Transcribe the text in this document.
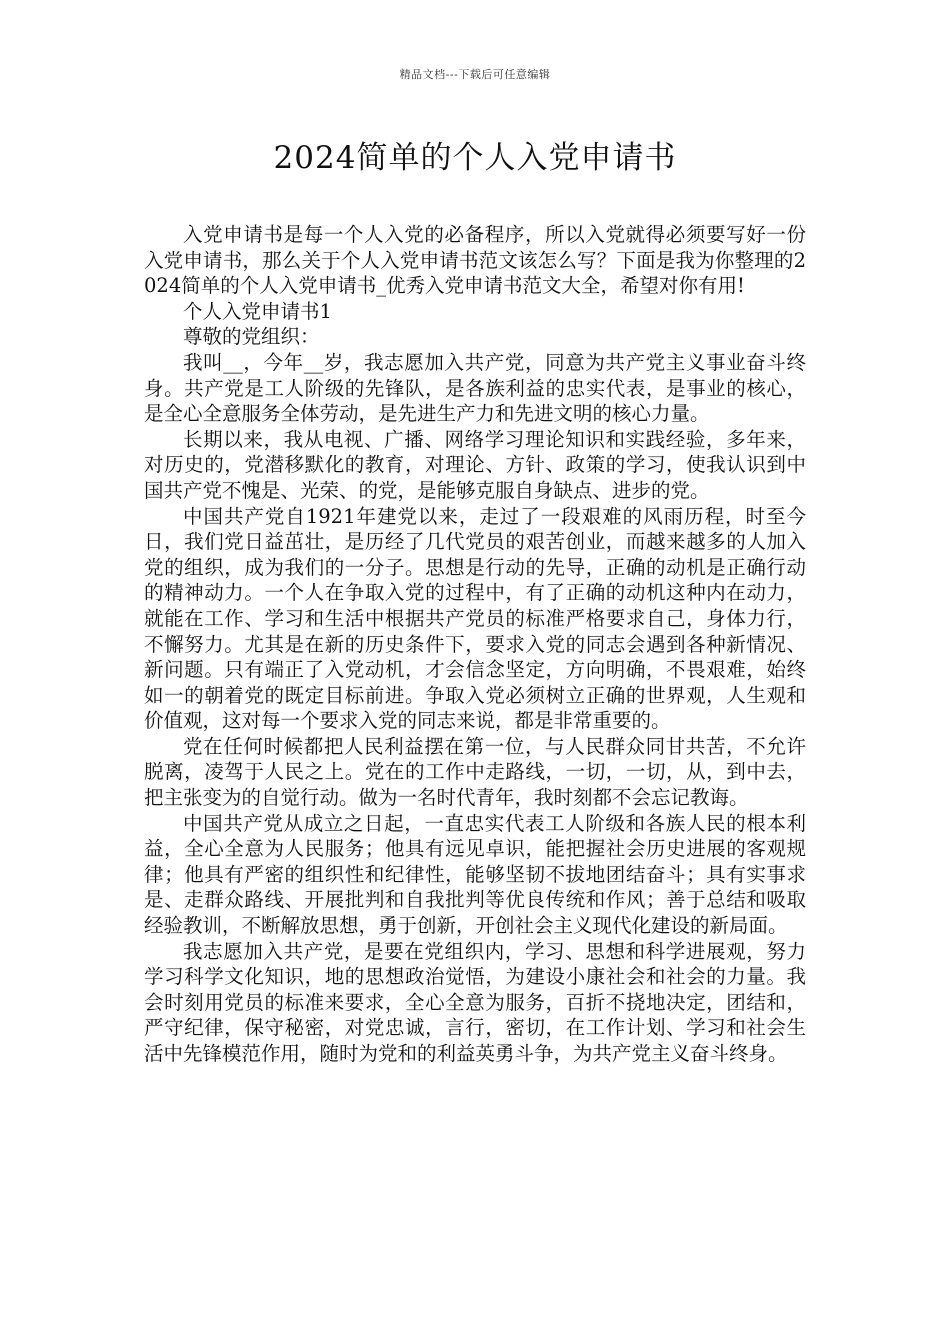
精品文档---下载后可任意编辑
2024简单的个人入党申请书

入党申请书是每一个人入党的必备程序，所以入党就得必须要写好一份入党申请书，那么关于个人入党申请书范文该怎么写？下面是我为你整理的2024简单的个人入党申请书_优秀入党申请书范文大全，希望对你有用!

个人入党申请书1

尊敬的党组织：

我叫__，今年__岁，我志愿加入共产党，同意为共产党主义事业奋斗终身。共产党是工人阶级的先锋队，是各族利益的忠实代表，是事业的核心，是全心全意服务全体劳动，是先进生产力和先进文明的核心力量。

长期以来，我从电视、广播、网络学习理论知识和实践经验，多年来，对历史的，党潜移默化的教育，对理论、方针、政策的学习，使我认识到中国共产党不愧是、光荣、的党，是能够克服自身缺点、进步的党。

中国共产党自1921年建党以来，走过了一段艰难的风雨历程，时至今日，我们党日益茁壮，是历经了几代党员的艰苦创业，而越来越多的人加入党的组织，成为我们的一分子。思想是行动的先导，正确的动机是正确行动的精神动力。一个人在争取入党的过程中，有了正确的动机这种内在动力，就能在工作、学习和生活中根据共产党员的标准严格要求自己，身体力行，不懈努力。尤其是在新的历史条件下，要求入党的同志会遇到各种新情况、新问题。只有端正了入党动机，才会信念坚定，方向明确，不畏艰难，始终如一的朝着党的既定目标前进。争取入党必须树立正确的世界观，人生观和价值观，这对每一个要求入党的同志来说，都是非常重要的。

党在任何时候都把人民利益摆在第一位，与人民群众同甘共苦，不允许脱离，凌驾于人民之上。党在的工作中走路线，一切，一切，从，到中去，把主张变为的自觉行动。做为一名时代青年，我时刻都不会忘记教诲。

中国共产党从成立之日起，一直忠实代表工人阶级和各族人民的根本利益，全心全意为人民服务；他具有远见卓识，能把握社会历史进展的客观规律；他具有严密的组织性和纪律性，能够坚韧不拔地团结奋斗；具有实事求是、走群众路线、开展批判和自我批判等优良传统和作风；善于总结和吸取经验教训，不断解放思想，勇于创新，开创社会主义现代化建设的新局面。

我志愿加入共产党，是要在党组织内，学习、思想和科学进展观，努力学习科学文化知识，地的思想政治觉悟，为建设小康社会和社会的力量。我会时刻用党员的标准来要求，全心全意为服务，百折不挠地决定，团结和，严守纪律，保守秘密，对党忠诚，言行，密切，在工作计划、学习和社会生活中先锋模范作用，随时为党和的利益英勇斗争，为共产党主义奋斗终身。
